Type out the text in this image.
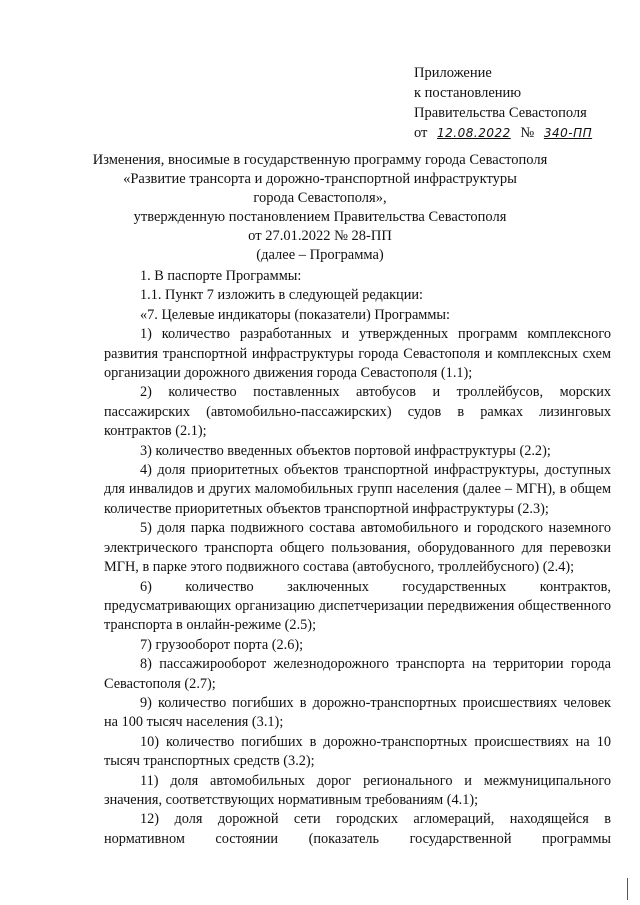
Приложение
к постановлению
Правительства Севастополя
от 12.08.2022 № 340-ПП
Изменения, вносимые в государственную программу города Севастополя
«Развитие трансорта и дорожно-транспортной инфраструктуры
города Севастополя»,
утвержденную постановлением Правительства Севастополя
от 27.01.2022 № 28-ПП
(далее – Программа)
1. В паспорте Программы:
1.1. Пункт 7 изложить в следующей редакции:
«7. Целевые индикаторы (показатели) Программы:
1) количество разработанных и утвержденных программ комплексного развития транспортной инфраструктуры города Севастополя и комплексных схем организации дорожного движения города Севастополя (1.1);
2) количество поставленных автобусов и троллейбусов, морских пассажирских (автомобильно-пассажирских) судов в рамках лизинговых контрактов (2.1);
3) количество введенных объектов портовой инфраструктуры (2.2);
4) доля приоритетных объектов транспортной инфраструктуры, доступных для инвалидов и других маломобильных групп населения (далее – МГН), в общем количестве приоритетных объектов транспортной инфраструктуры (2.3);
5) доля парка подвижного состава автомобильного и городского наземного электрического транспорта общего пользования, оборудованного для перевозки МГН, в парке этого подвижного состава (автобусного, троллейбусного) (2.4);
6) количество заключенных государственных контрактов, предусматривающих организацию диспетчеризации передвижения общественного транспорта в онлайн-режиме (2.5);
7) грузооборот порта (2.6);
8) пассажирооборот железнодорожного транспорта на территории города Севастополя (2.7);
9) количество погибших в дорожно-транспортных происшествиях человек на 100 тысяч населения (3.1);
10) количество погибших в дорожно-транспортных происшествиях на 10 тысяч транспортных средств (3.2);
11) доля автомобильных дорог регионального и межмуниципального значения, соответствующих нормативным требованиям (4.1);
12) доля дорожной сети городских агломераций, находящейся в нормативном состоянии (показатель государственной программы
